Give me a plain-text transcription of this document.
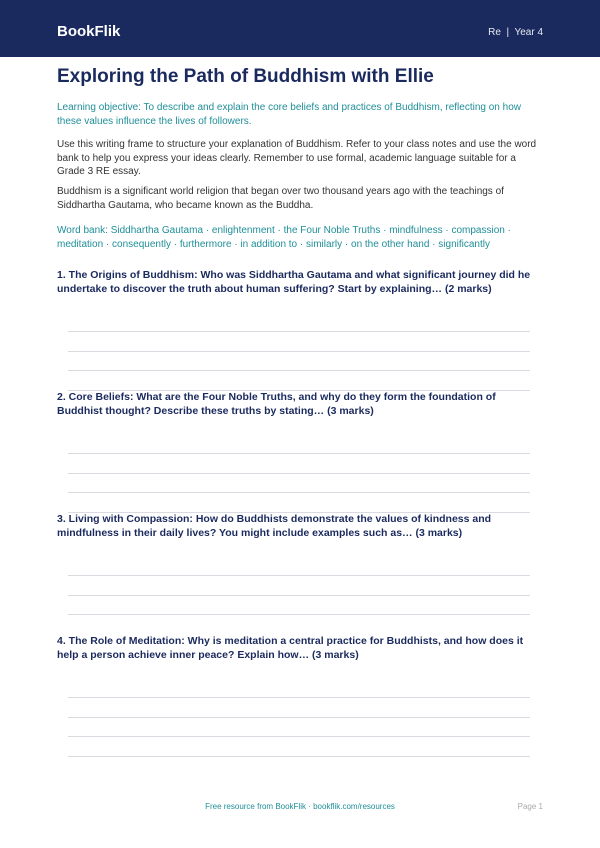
BookFlik	Re  |  Year 4
Exploring the Path of Buddhism with Ellie
Learning objective: To describe and explain the core beliefs and practices of Buddhism, reflecting on how these values influence the lives of followers.
Use this writing frame to structure your explanation of Buddhism. Refer to your class notes and use the word bank to help you express your ideas clearly. Remember to use formal, academic language suitable for a Grade 3 RE essay.
Buddhism is a significant world religion that began over two thousand years ago with the teachings of Siddhartha Gautama, who became known as the Buddha.
Word bank: Siddhartha Gautama · enlightenment · the Four Noble Truths · mindfulness · compassion · meditation · consequently · furthermore · in addition to · similarly · on the other hand · significantly
1. The Origins of Buddhism: Who was Siddhartha Gautama and what significant journey did he undertake to discover the truth about human suffering? Start by explaining… (2 marks)
2. Core Beliefs: What are the Four Noble Truths, and why do they form the foundation of Buddhist thought? Describe these truths by stating… (3 marks)
3. Living with Compassion: How do Buddhists demonstrate the values of kindness and mindfulness in their daily lives? You might include examples such as… (3 marks)
4. The Role of Meditation: Why is meditation a central practice for Buddhists, and how does it help a person achieve inner peace? Explain how… (3 marks)
Free resource from BookFlik · bookflik.com/resources	Page 1
